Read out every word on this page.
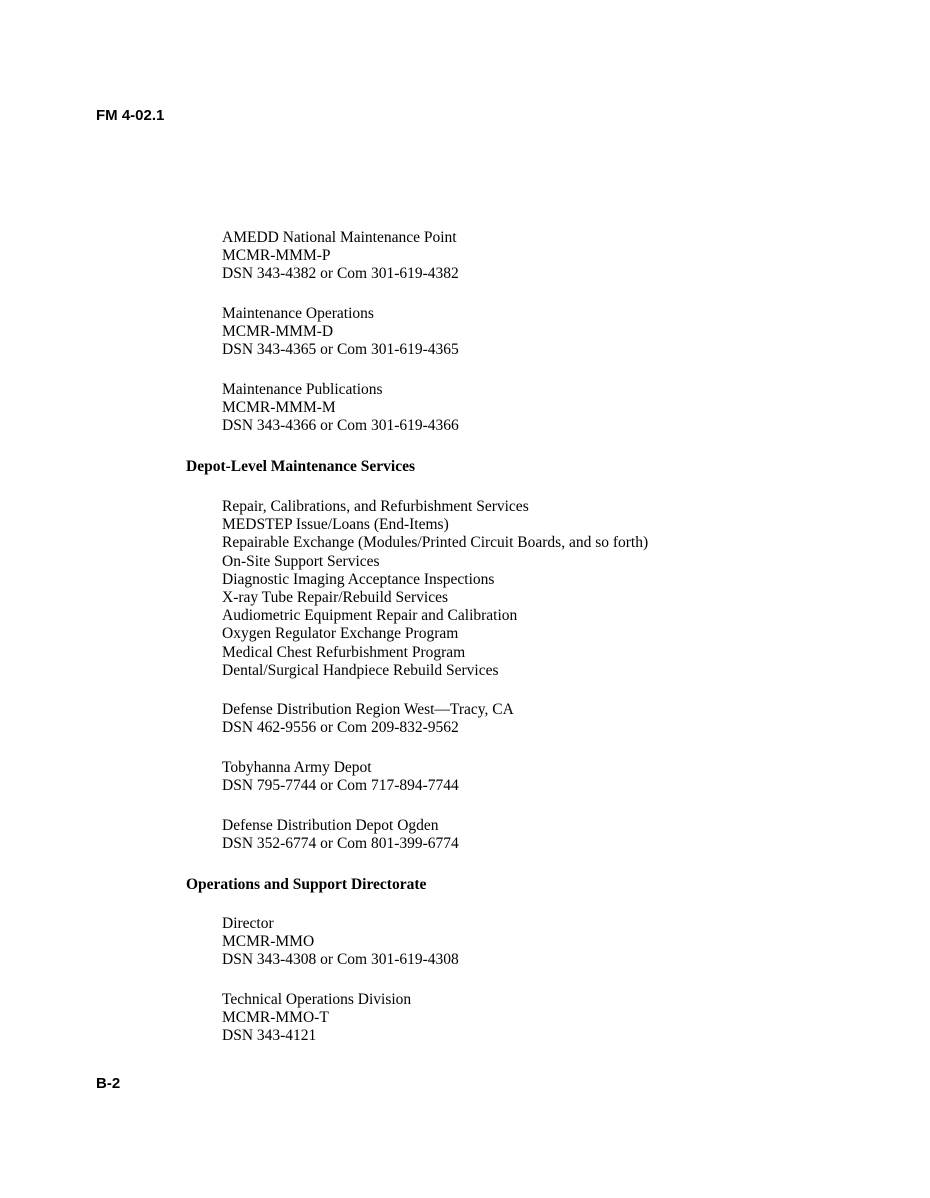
FM 4-02.1
AMEDD National Maintenance Point
MCMR-MMM-P
DSN 343-4382 or Com 301-619-4382
Maintenance Operations
MCMR-MMM-D
DSN 343-4365 or Com 301-619-4365
Maintenance Publications
MCMR-MMM-M
DSN 343-4366 or Com 301-619-4366
Depot-Level Maintenance Services
Repair, Calibrations, and Refurbishment Services
MEDSTEP Issue/Loans (End-Items)
Repairable Exchange (Modules/Printed Circuit Boards, and so forth)
On-Site Support Services
Diagnostic Imaging Acceptance Inspections
X-ray Tube Repair/Rebuild Services
Audiometric Equipment Repair and Calibration
Oxygen Regulator Exchange Program
Medical Chest Refurbishment Program
Dental/Surgical Handpiece Rebuild Services
Defense Distribution Region West—Tracy, CA
DSN 462-9556 or Com 209-832-9562
Tobyhanna Army Depot
DSN 795-7744 or Com 717-894-7744
Defense Distribution Depot Ogden
DSN 352-6774 or Com 801-399-6774
Operations and Support Directorate
Director
MCMR-MMO
DSN 343-4308 or Com 301-619-4308
Technical Operations Division
MCMR-MMO-T
DSN 343-4121
B-2
